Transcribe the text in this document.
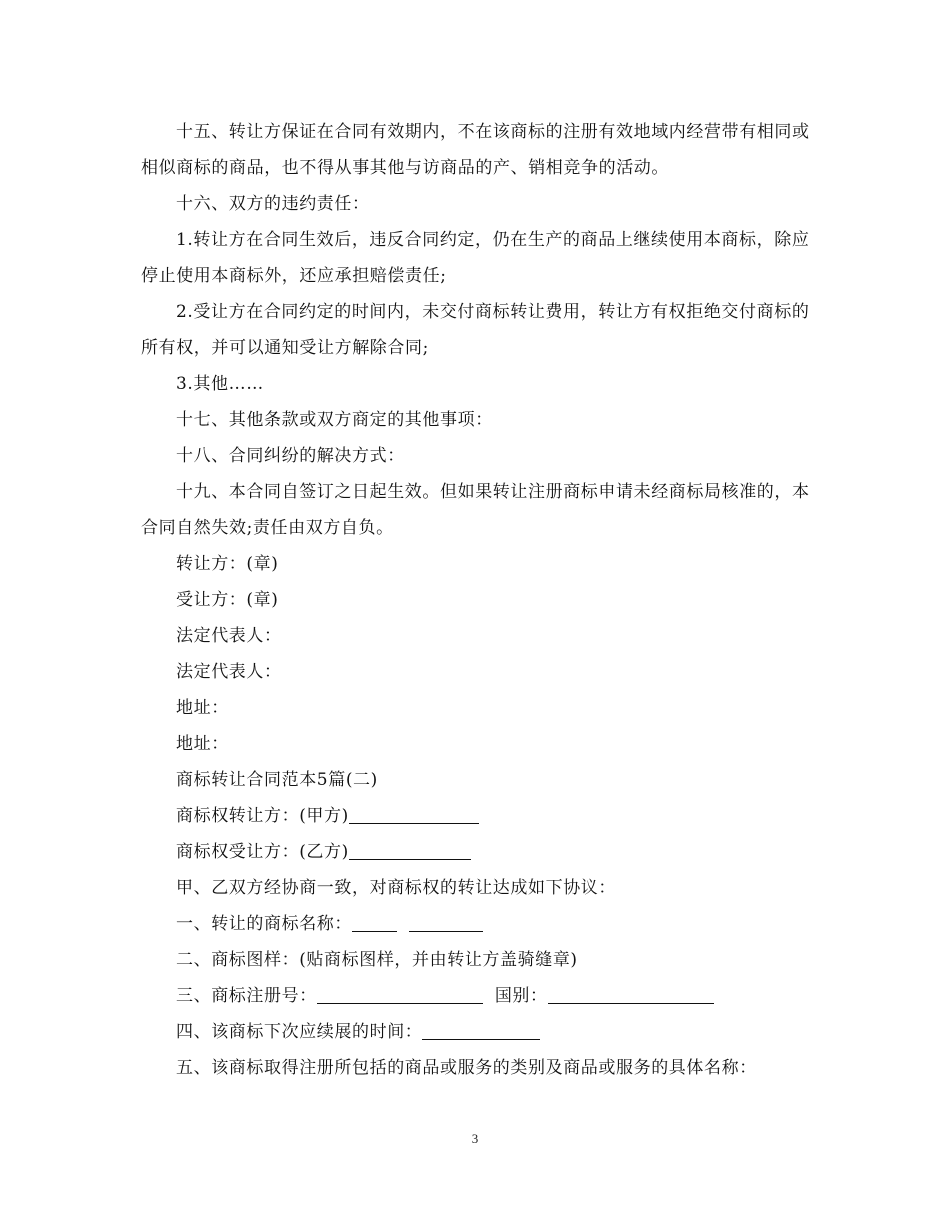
十五、转让方保证在合同有效期内，不在该商标的注册有效地域内经营带有相同或相似商标的商品，也不得从事其他与访商品的产、销相竞争的活动。

十六、双方的违约责任：

1.转让方在合同生效后，违反合同约定，仍在生产的商品上继续使用本商标，除应停止使用本商标外，还应承担赔偿责任;

2.受让方在合同约定的时间内，未交付商标转让费用，转让方有权拒绝交付商标的所有权，并可以通知受让方解除合同;

3.其他……

十七、其他条款或双方商定的其他事项：

十八、合同纠纷的解决方式：

十九、本合同自签订之日起生效。但如果转让注册商标申请未经商标局核准的，本合同自然失效;责任由双方自负。

转让方：(章)

受让方：(章)

法定代表人：

法定代表人：

地址：

地址：

商标转让合同范本5篇(二)

商标权转让方：(甲方)

商标权受让方：(乙方)

甲、乙双方经协商一致，对商标权的转让达成如下协议：

一、转让的商标名称：

二、商标图样：(贴商标图样，并由转让方盖骑缝章)

三、商标注册号：	国别：

四、该商标下次应续展的时间：

五、该商标取得注册所包括的商品或服务的类别及商品或服务的具体名称：

3
